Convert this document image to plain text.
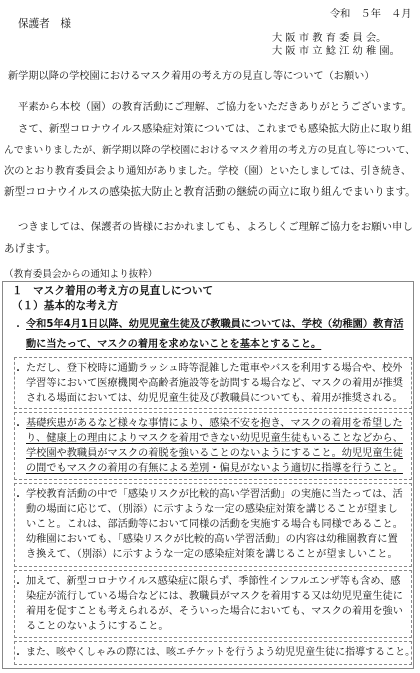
令和　５年　４月
保護者　様
大 阪 市 教 育 委 員 会。
大 阪 市 立 鯰 江 幼 稚 園。
新学期以降の学校園におけるマスク着用の考え方の見直し等について（お願い）
平素から本校（園）の教育活動にご理解、ご協力をいただきありがとうございます。
さて、新型コロナウイルス感染症対策については、これまでも感染拡大防止に取り組
んでまいりましたが、新学期以降の学校園におけるマスク着用の考え方の見直し等について、
次のとおり教育委員会より通知がありました。学校（園）といたしましては、引き続き、
新型コロナウイルスの感染拡大防止と教育活動の継続の両立に取り組んでまいります。
つきましては、保護者の皆様におかれましても、よろしくご理解ご協力をお願い申し
あげます。
（教育委員会からの通知より抜粋）
１　マスク着用の考え方の見直しについて
（１）基本的な考え方
・ 令和5年4月1日以降、幼児児童生徒及び教職員については、学校（幼稚園）教育活
動に当たって、マスクの着用を求めないことを基本とすること。
・ ただし、登下校時に通勤ラッシュ時等混雑した電車やバスを利用する場合や、校外
学習等において医療機関や高齢者施設等を訪問する場合など、マスクの着用が推奨
される場面においては、幼児児童生徒及び教職員についても、着用が推奨される。
・ 基礎疾患があるなど様々な事情により、感染不安を抱き、マスクの着用を希望した
り、健康上の理由によりマスクを着用できない幼児児童生徒もいることなどから、
学校園や教職員がマスクの着脱を強いることのないようにすること。幼児児童生徒
の間でもマスクの着用の有無による差別・偏見がないよう適切に指導を行うこと。
・ 学校教育活動の中で「感染リスクが比較的高い学習活動」の実施に当たっては、活
動の場面に応じて、（別添）に示すような一定の感染症対策を講じることが望まし
いこと。これは、部活動等において同様の活動を実施する場合も同様であること。
幼稚園においても、「感染リスクが比較的高い学習活動」の内容は幼稚園教育に置
き換えて、（別添）に示すような一定の感染症対策を講じることが望ましいこと。
・ 加えて、新型コロナウイルス感染症に限らず、季節性インフルエンザ等も含め、感
染症が流行している場合などには、教職員がマスクを着用する又は幼児児童生徒に
着用を促すことも考えられるが、そういった場合においても、マスクの着用を強い
ることのないようにすること。
・ また、咳やくしゃみの際には、咳エチケットを行うよう幼児児童生徒に指導すること。
